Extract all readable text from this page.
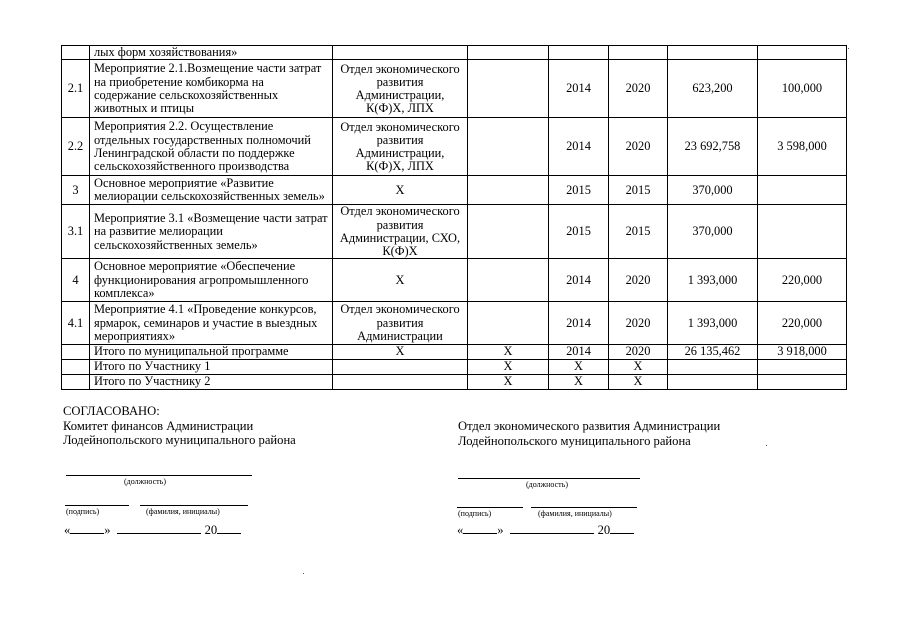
	лых форм хозяйствования»						
2.1	Мероприятие 2.1.Возмещение части затрат на приобретение комбикорма на содержание сельскохозяйственных животных и птицы	Отдел экономического развития Администрации, К(Ф)Х, ЛПХ		2014	2020	623,200	100,000
2.2	Мероприятия 2.2. Осуществление отдельных государственных полномочий Ленинградской области по поддержке сельскохозяйственного производства	Отдел экономического развития Администрации, К(Ф)Х, ЛПХ		2014	2020	23 692,758	3 598,000
3	Основное мероприятие «Развитие мелиорации сельскохозяйственных земель»	Х		2015	2015	370,000	
3.1	Мероприятие 3.1 «Возмещение части затрат на развитие мелиорации сельскохозяйственных земель»	Отдел экономического развития Администрации, СХО, К(Ф)Х		2015	2015	370,000	
4	Основное мероприятие «Обеспечение функционирования агропромышленного комплекса»	Х		2014	2020	1 393,000	220,000
4.1	Мероприятие 4.1 «Проведение конкурсов, ярмарок, семинаров и участие в выездных мероприятиях»	Отдел экономического развития Администрации		2014	2020	1 393,000	220,000
	Итого по муниципальной программе	Х	Х	2014	2020	26 135,462	3 918,000
	Итого по Участнику 1		Х	Х	Х		
	Итого по Участнику 2		Х	Х	Х		
СОГЛАСОВАНО:
Комитет финансов Администрации
Лодейнопольского муниципального района
Отдел экономического развития Администрации
Лодейнопольского муниципального района
(должность)
(подпись)	(фамилия, инициалы)
«	»	20
(должность)
(подпись)	(фамилия, инициалы)
«	»	20
